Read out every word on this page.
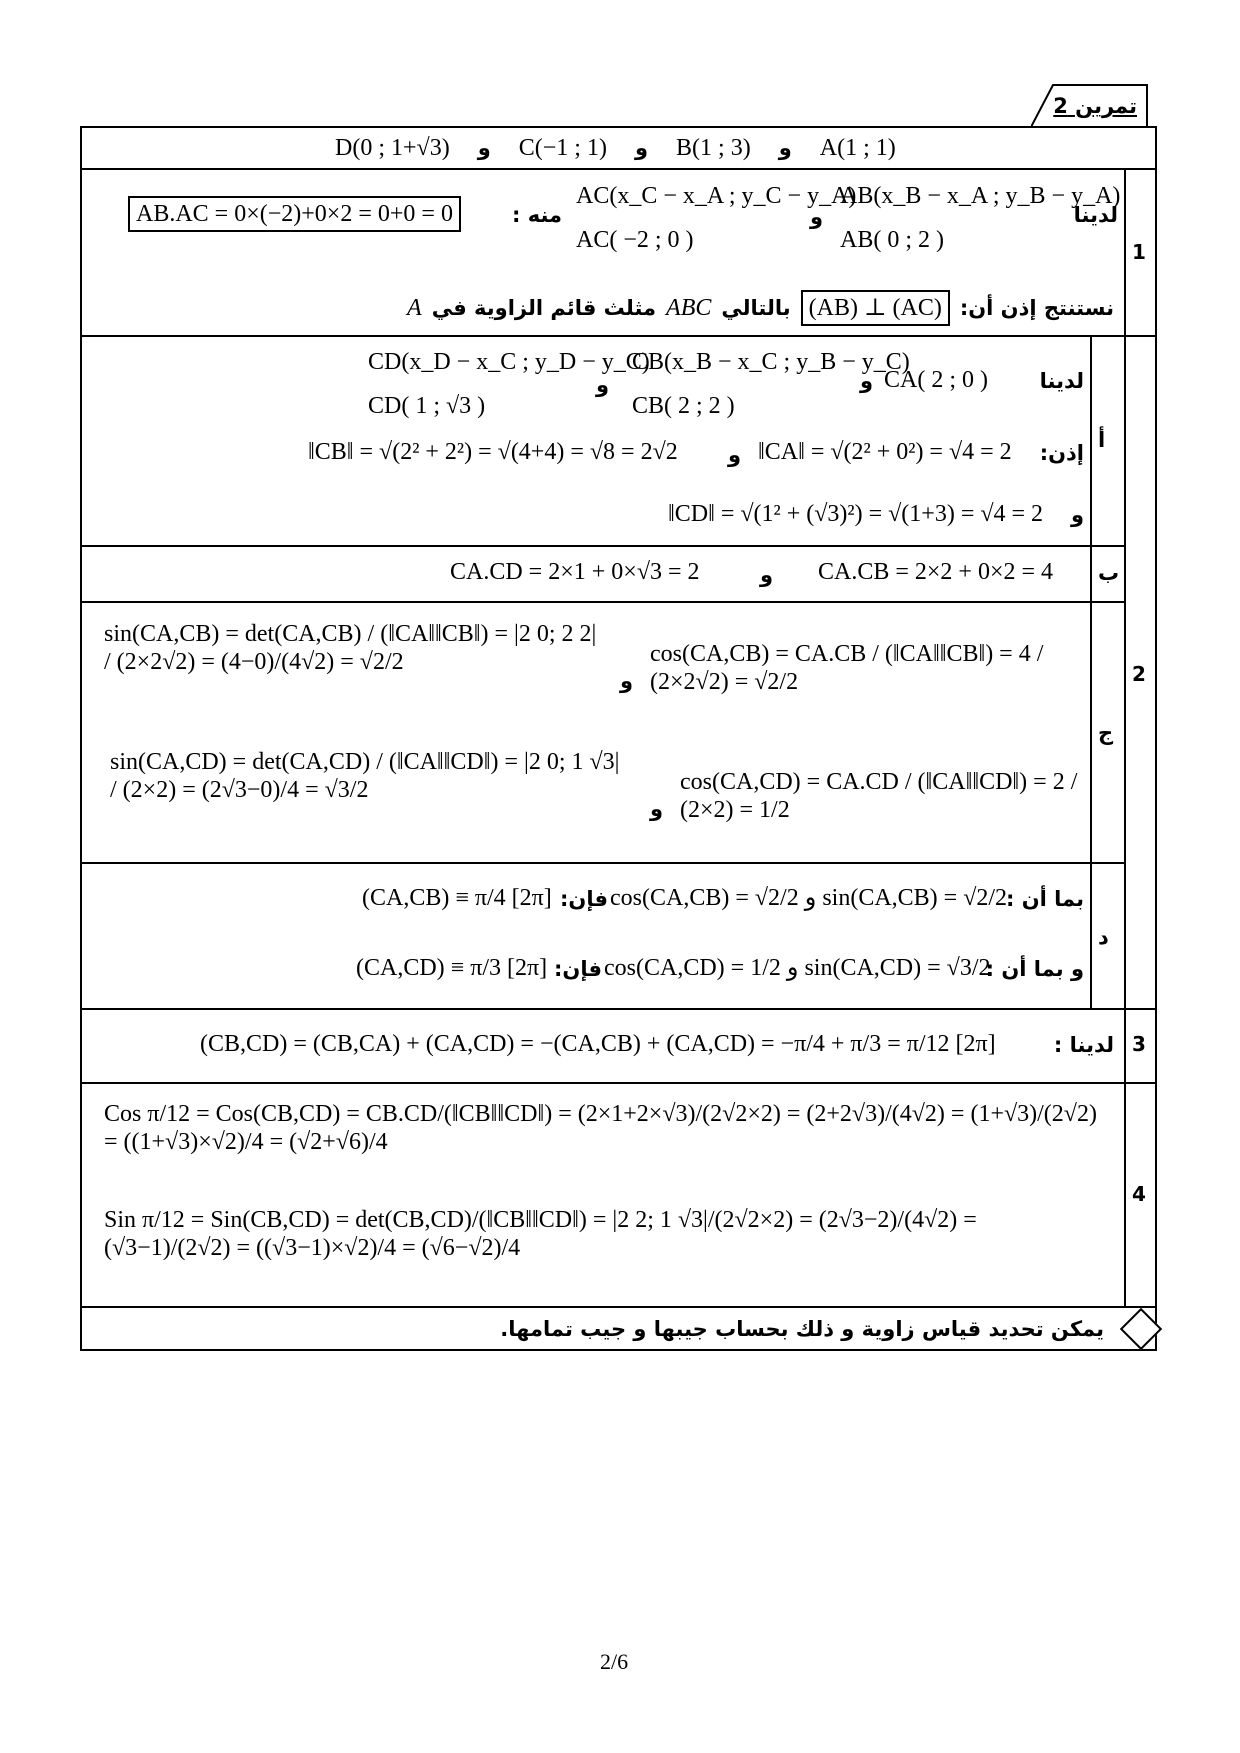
تمرين 2
D(0 ; 1+√3) و C(−1 ; 1) و B(1 ; 3) و A(1 ; 1)
1
لدينا
AB(x_B − x_A ; y_B − y_A)
AB( 0 ; 2 )
و
AC(x_C − x_A ; y_C − y_A)
AC( −2 ; 0 )
منه :
AB.AC = 0×(−2)+0×2 = 0+0 = 0
نستنتج إذن أن:
(AB) ⊥ (AC)
بالتالي
ABC
مثلث قائم الزاوية في
A
2
أ
لدينا
CA( 2 ; 0 )
و
CB(x_B − x_C ; y_B − y_C)
CB( 2 ; 2 )
و
CD(x_D − x_C ; y_D − y_C)
CD( 1 ; √3 )
إذن:
‖CA‖ = √(2² + 0²) = √4 = 2
و
‖CB‖ = √(2² + 2²) = √(4+4) = √8 = 2√2
و
‖CD‖ = √(1² + (√3)²) = √(1+3) = √4 = 2
ب
CA.CB = 2×2 + 0×2 = 4
و
CA.CD = 2×1 + 0×√3 = 2
ج
cos(CA,CB) = CA.CB / (‖CA‖‖CB‖) = 4 / (2×2√2) = √2/2
و
sin(CA,CB) = det(CA,CB) / (‖CA‖‖CB‖) = |2 0; 2 2| / (2×2√2) = (4−0)/(4√2) = √2/2
cos(CA,CD) = CA.CD / (‖CA‖‖CD‖) = 2 / (2×2) = 1/2
و
sin(CA,CD) = det(CA,CD) / (‖CA‖‖CD‖) = |2 0; 1 √3| / (2×2) = (2√3−0)/4 = √3/2
د
بما أن :
cos(CA,CB) = √2/2 و sin(CA,CB) = √2/2
فإن:
(CA,CB) ≡ π/4 [2π]
و بما أن :
cos(CA,CD) = 1/2 و sin(CA,CD) = √3/2
فإن:
(CA,CD) ≡ π/3 [2π]
3
لدينا :
(CB,CD) = (CB,CA) + (CA,CD) = −(CA,CB) + (CA,CD) = −π/4 + π/3 = π/12 [2π]
4
Cos π/12 = Cos(CB,CD) = CB.CD/(‖CB‖‖CD‖) = (2×1+2×√3)/(2√2×2) = (2+2√3)/(4√2) = (1+√3)/(2√2) = ((1+√3)×√2)/4 = (√2+√6)/4
Sin π/12 = Sin(CB,CD) = det(CB,CD)/(‖CB‖‖CD‖) = |2 2; 1 √3|/(2√2×2) = (2√3−2)/(4√2) = (√3−1)/(2√2) = ((√3−1)×√2)/4 = (√6−√2)/4
يمكن تحديد قياس زاوية و ذلك بحساب جيبها و جيب تمامها.
2/6
